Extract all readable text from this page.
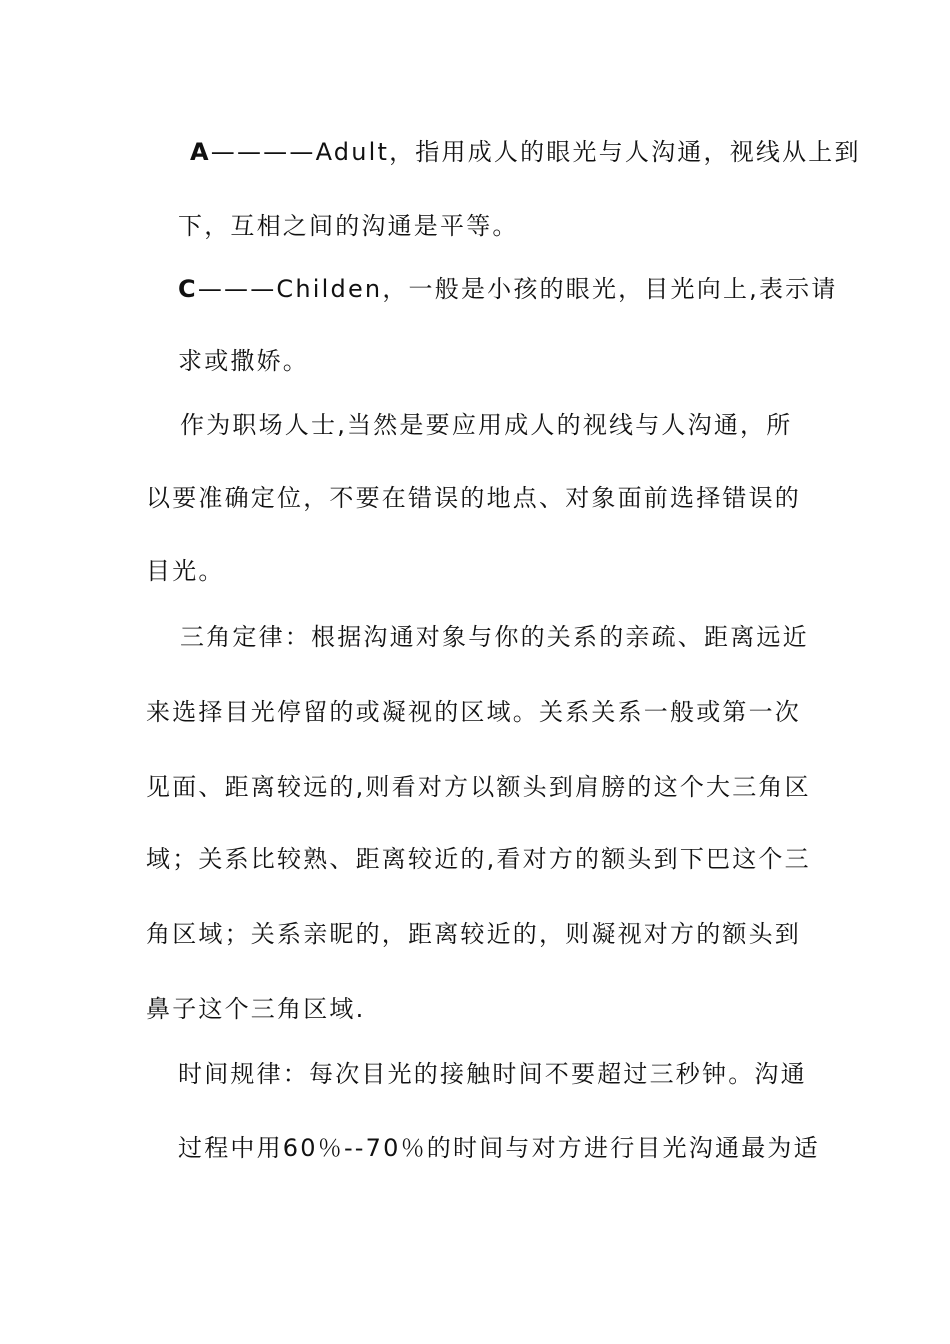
A————Adult，指用成人的眼光与人沟通，视线从上到
下，互相之间的沟通是平等。
C———Childen，一般是小孩的眼光，目光向上,表示请
求或撒娇。
作为职场人士,当然是要应用成人的视线与人沟通，所
以要准确定位，不要在错误的地点、对象面前选择错误的
目光。
三角定律：根据沟通对象与你的关系的亲疏、距离远近
来选择目光停留的或凝视的区域。关系关系一般或第一次
见面、距离较远的,则看对方以额头到肩膀的这个大三角区
域；关系比较熟、距离较近的,看对方的额头到下巴这个三
角区域；关系亲昵的，距离较近的，则凝视对方的额头到
鼻子这个三角区域.
时间规律：每次目光的接触时间不要超过三秒钟。沟通
过程中用60％--70％的时间与对方进行目光沟通最为适
